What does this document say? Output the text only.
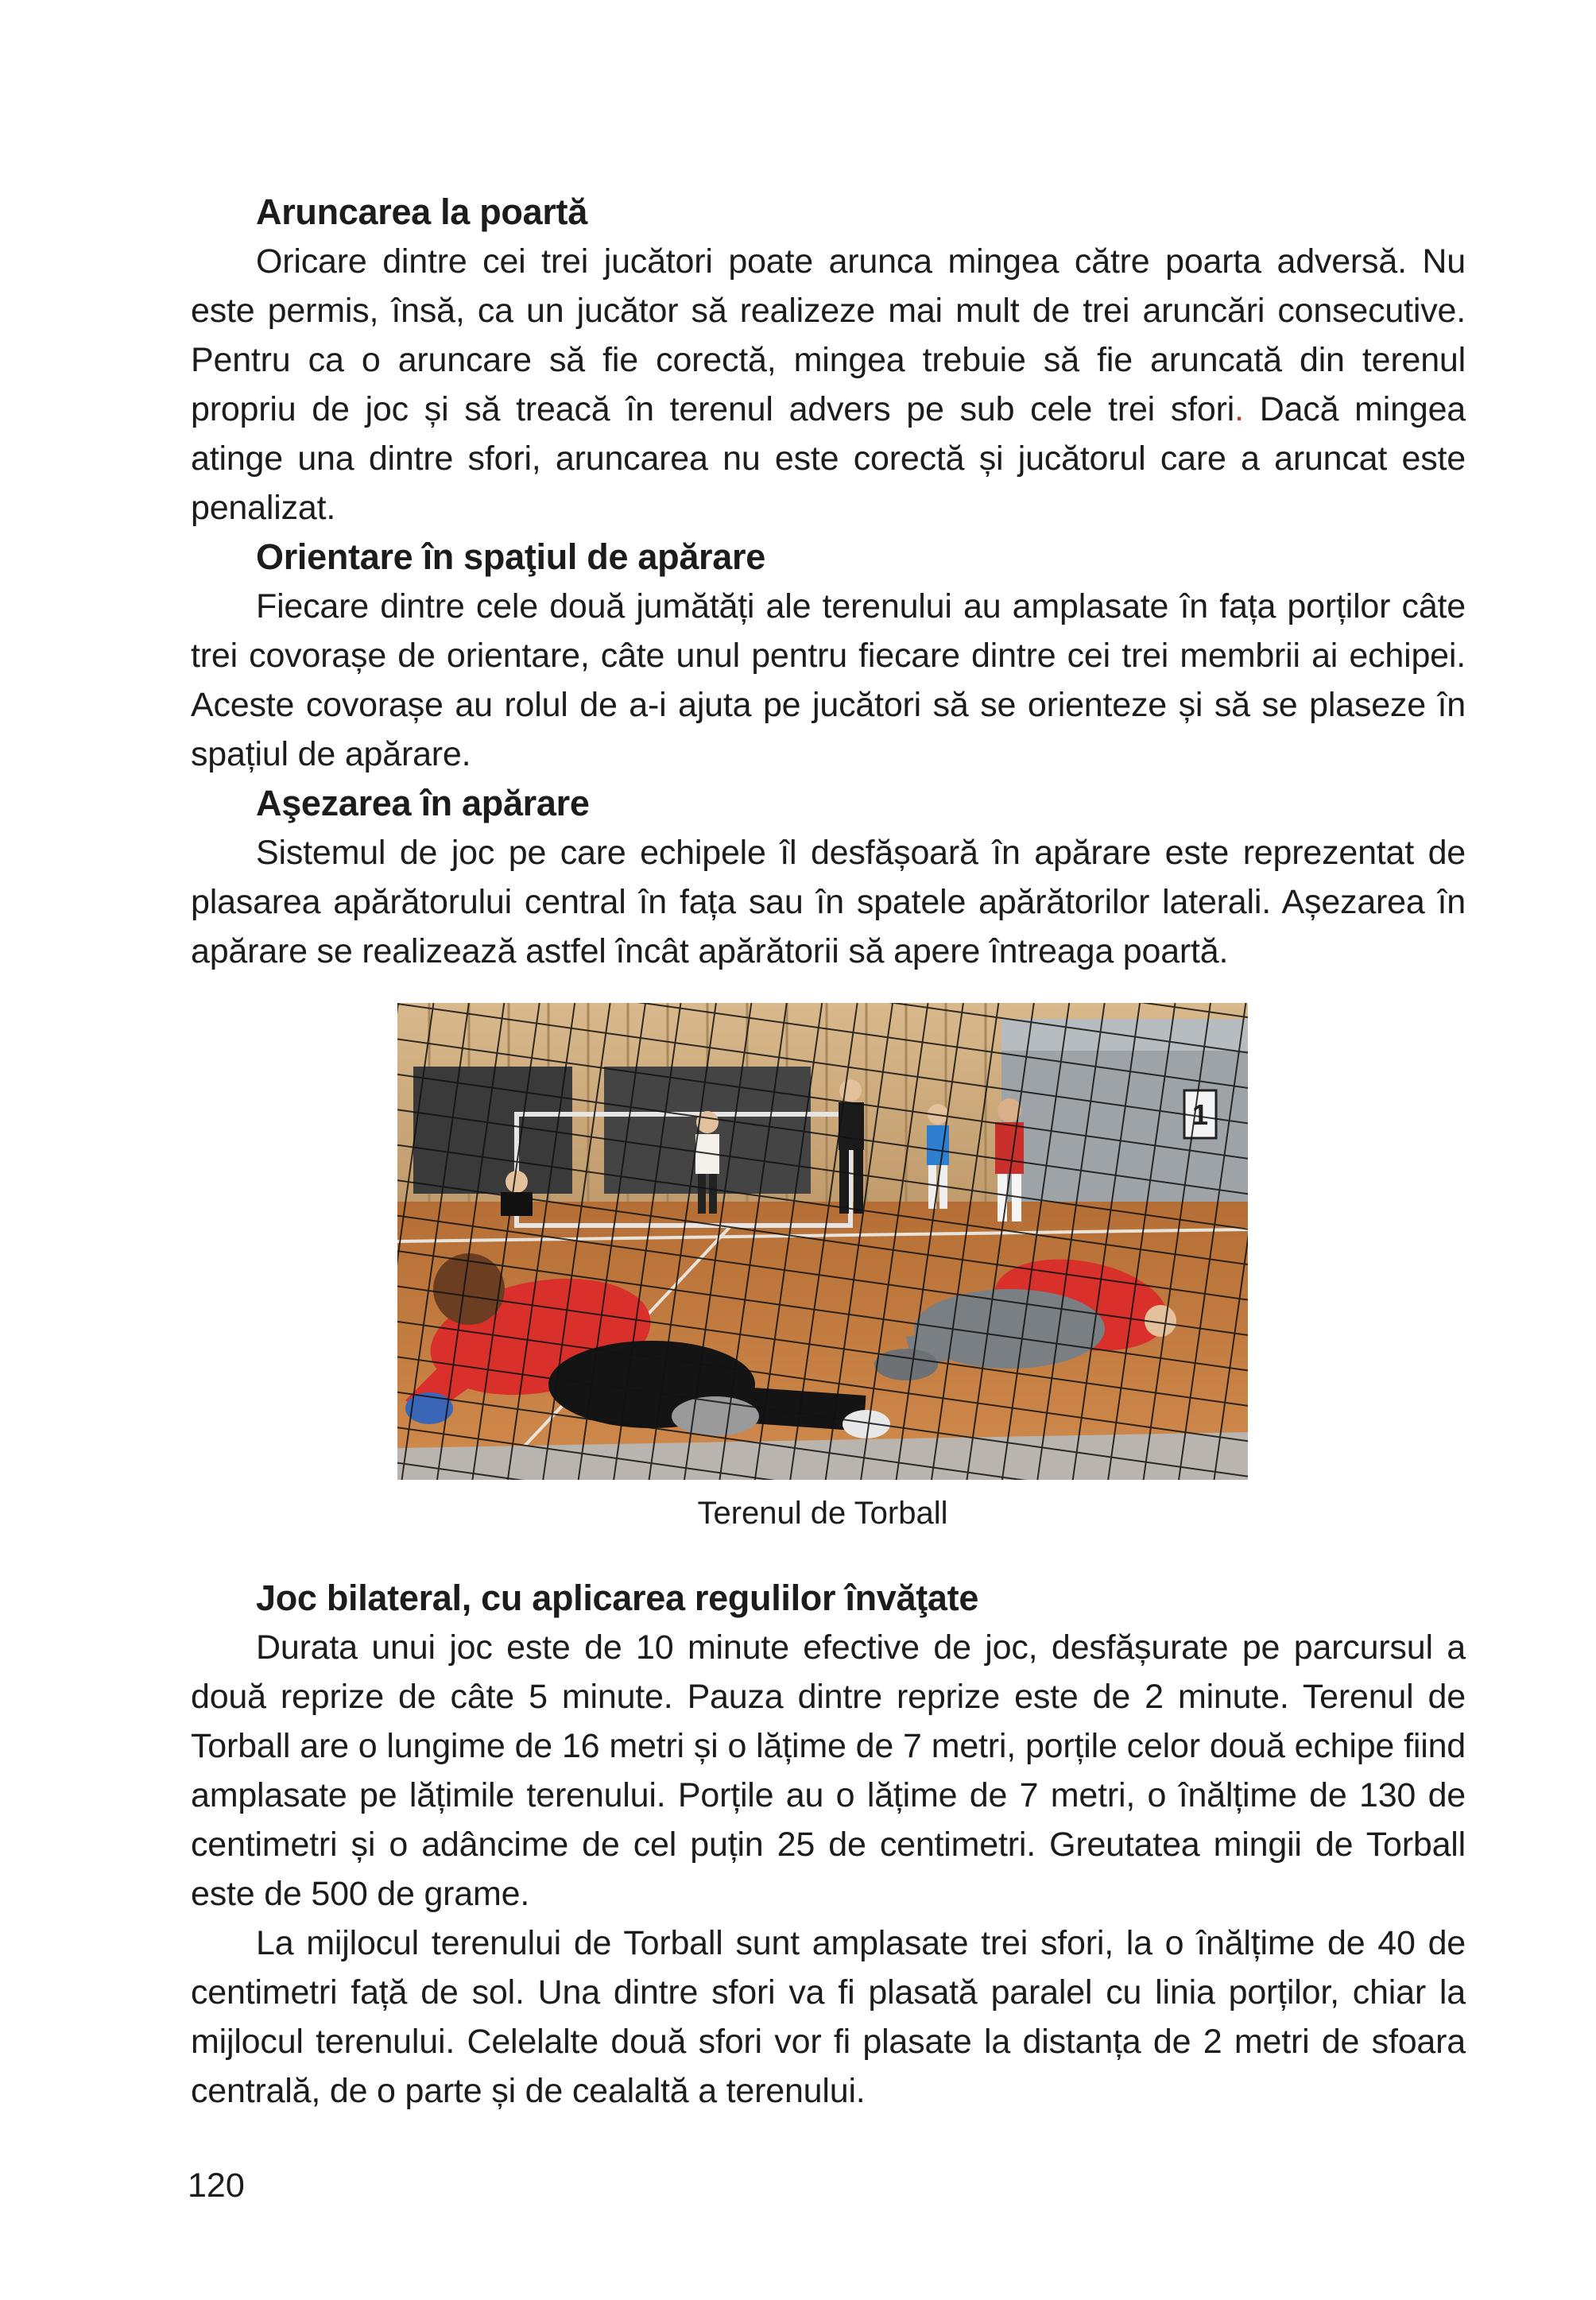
Aruncarea la poartă

Oricare dintre cei trei jucători poate arunca mingea către poarta adversă. Nu este permis, însă, ca un jucător să realizeze mai mult de trei aruncări consecutive. Pentru ca o aruncare să fie corectă, mingea trebuie să fie aruncată din terenul propriu de joc și să treacă în terenul advers pe sub cele trei sfori. Dacă mingea atinge una dintre sfori, aruncarea nu este corectă și jucătorul care a aruncat este penalizat.

Orientare în spaţiul de apărare

Fiecare dintre cele două jumătăți ale terenului au amplasate în fața porților câte trei covorașe de orientare, câte unul pentru fiecare dintre cei trei membrii ai echipei. Aceste covorașe au rolul de a-i ajuta pe jucători să se orienteze și să se plaseze în spațiul de apărare.

Aşezarea în apărare

Sistemul de joc pe care echipele îl desfășoară în apărare este reprezentat de plasarea apărătorului central în fața sau în spatele apărătorilor laterali. Așezarea în apărare se realizează astfel încât apărătorii să apere întreaga poartă.

Terenul de Torball

Joc bilateral, cu aplicarea regulilor învăţate

Durata unui joc este de 10 minute efective de joc, desfășurate pe parcursul a două reprize de câte 5 minute. Pauza dintre reprize este de 2 minute. Terenul de Torball are o lungime de 16 metri și o lățime de 7 metri, porțile celor două echipe fiind amplasate pe lățimile terenului. Porțile au o lățime de 7 metri, o înălțime de 130 de centimetri și o adâncime de cel puțin 25 de centimetri. Greutatea mingii de Torball este de 500 de grame.

La mijlocul terenului de Torball sunt amplasate trei sfori, la o înălțime de 40 de centimetri față de sol. Una dintre sfori va fi plasată paralel cu linia porților, chiar la mijlocul terenului. Celelalte două sfori vor fi plasate la distanța de 2 metri de sfoara centrală, de o parte și de cealaltă a terenului.

120
